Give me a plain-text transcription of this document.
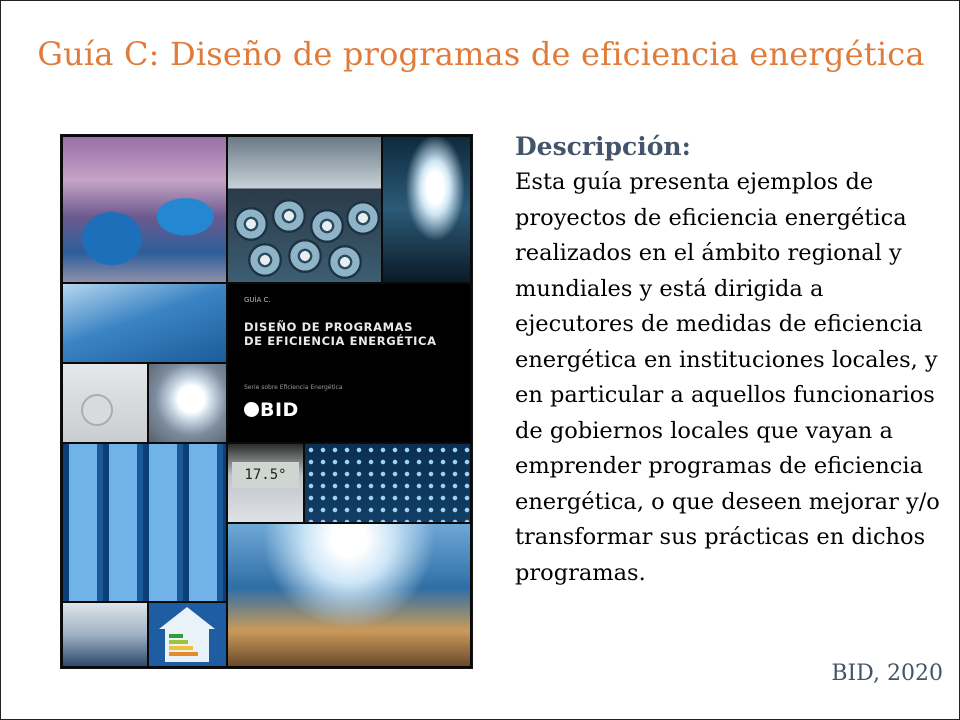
Guía C: Diseño de programas de eficiencia energética
GUÍA C.
DISEÑO DE PROGRAMAS
DE EFICIENCIA ENERGÉTICA
Serie sobre Eficiencia Energética
BID
17.5°
Descripción:
Esta guía presenta ejemplos de proyectos de eficiencia energética realizados en el ámbito regional y mundiales y está dirigida a ejecutores de medidas de eficiencia energética en instituciones locales, y en particular a aquellos funcionarios de gobiernos locales que vayan a emprender programas de eficiencia energética, o que deseen mejorar y/o transformar sus prácticas en dichos programas.
BID, 2020
